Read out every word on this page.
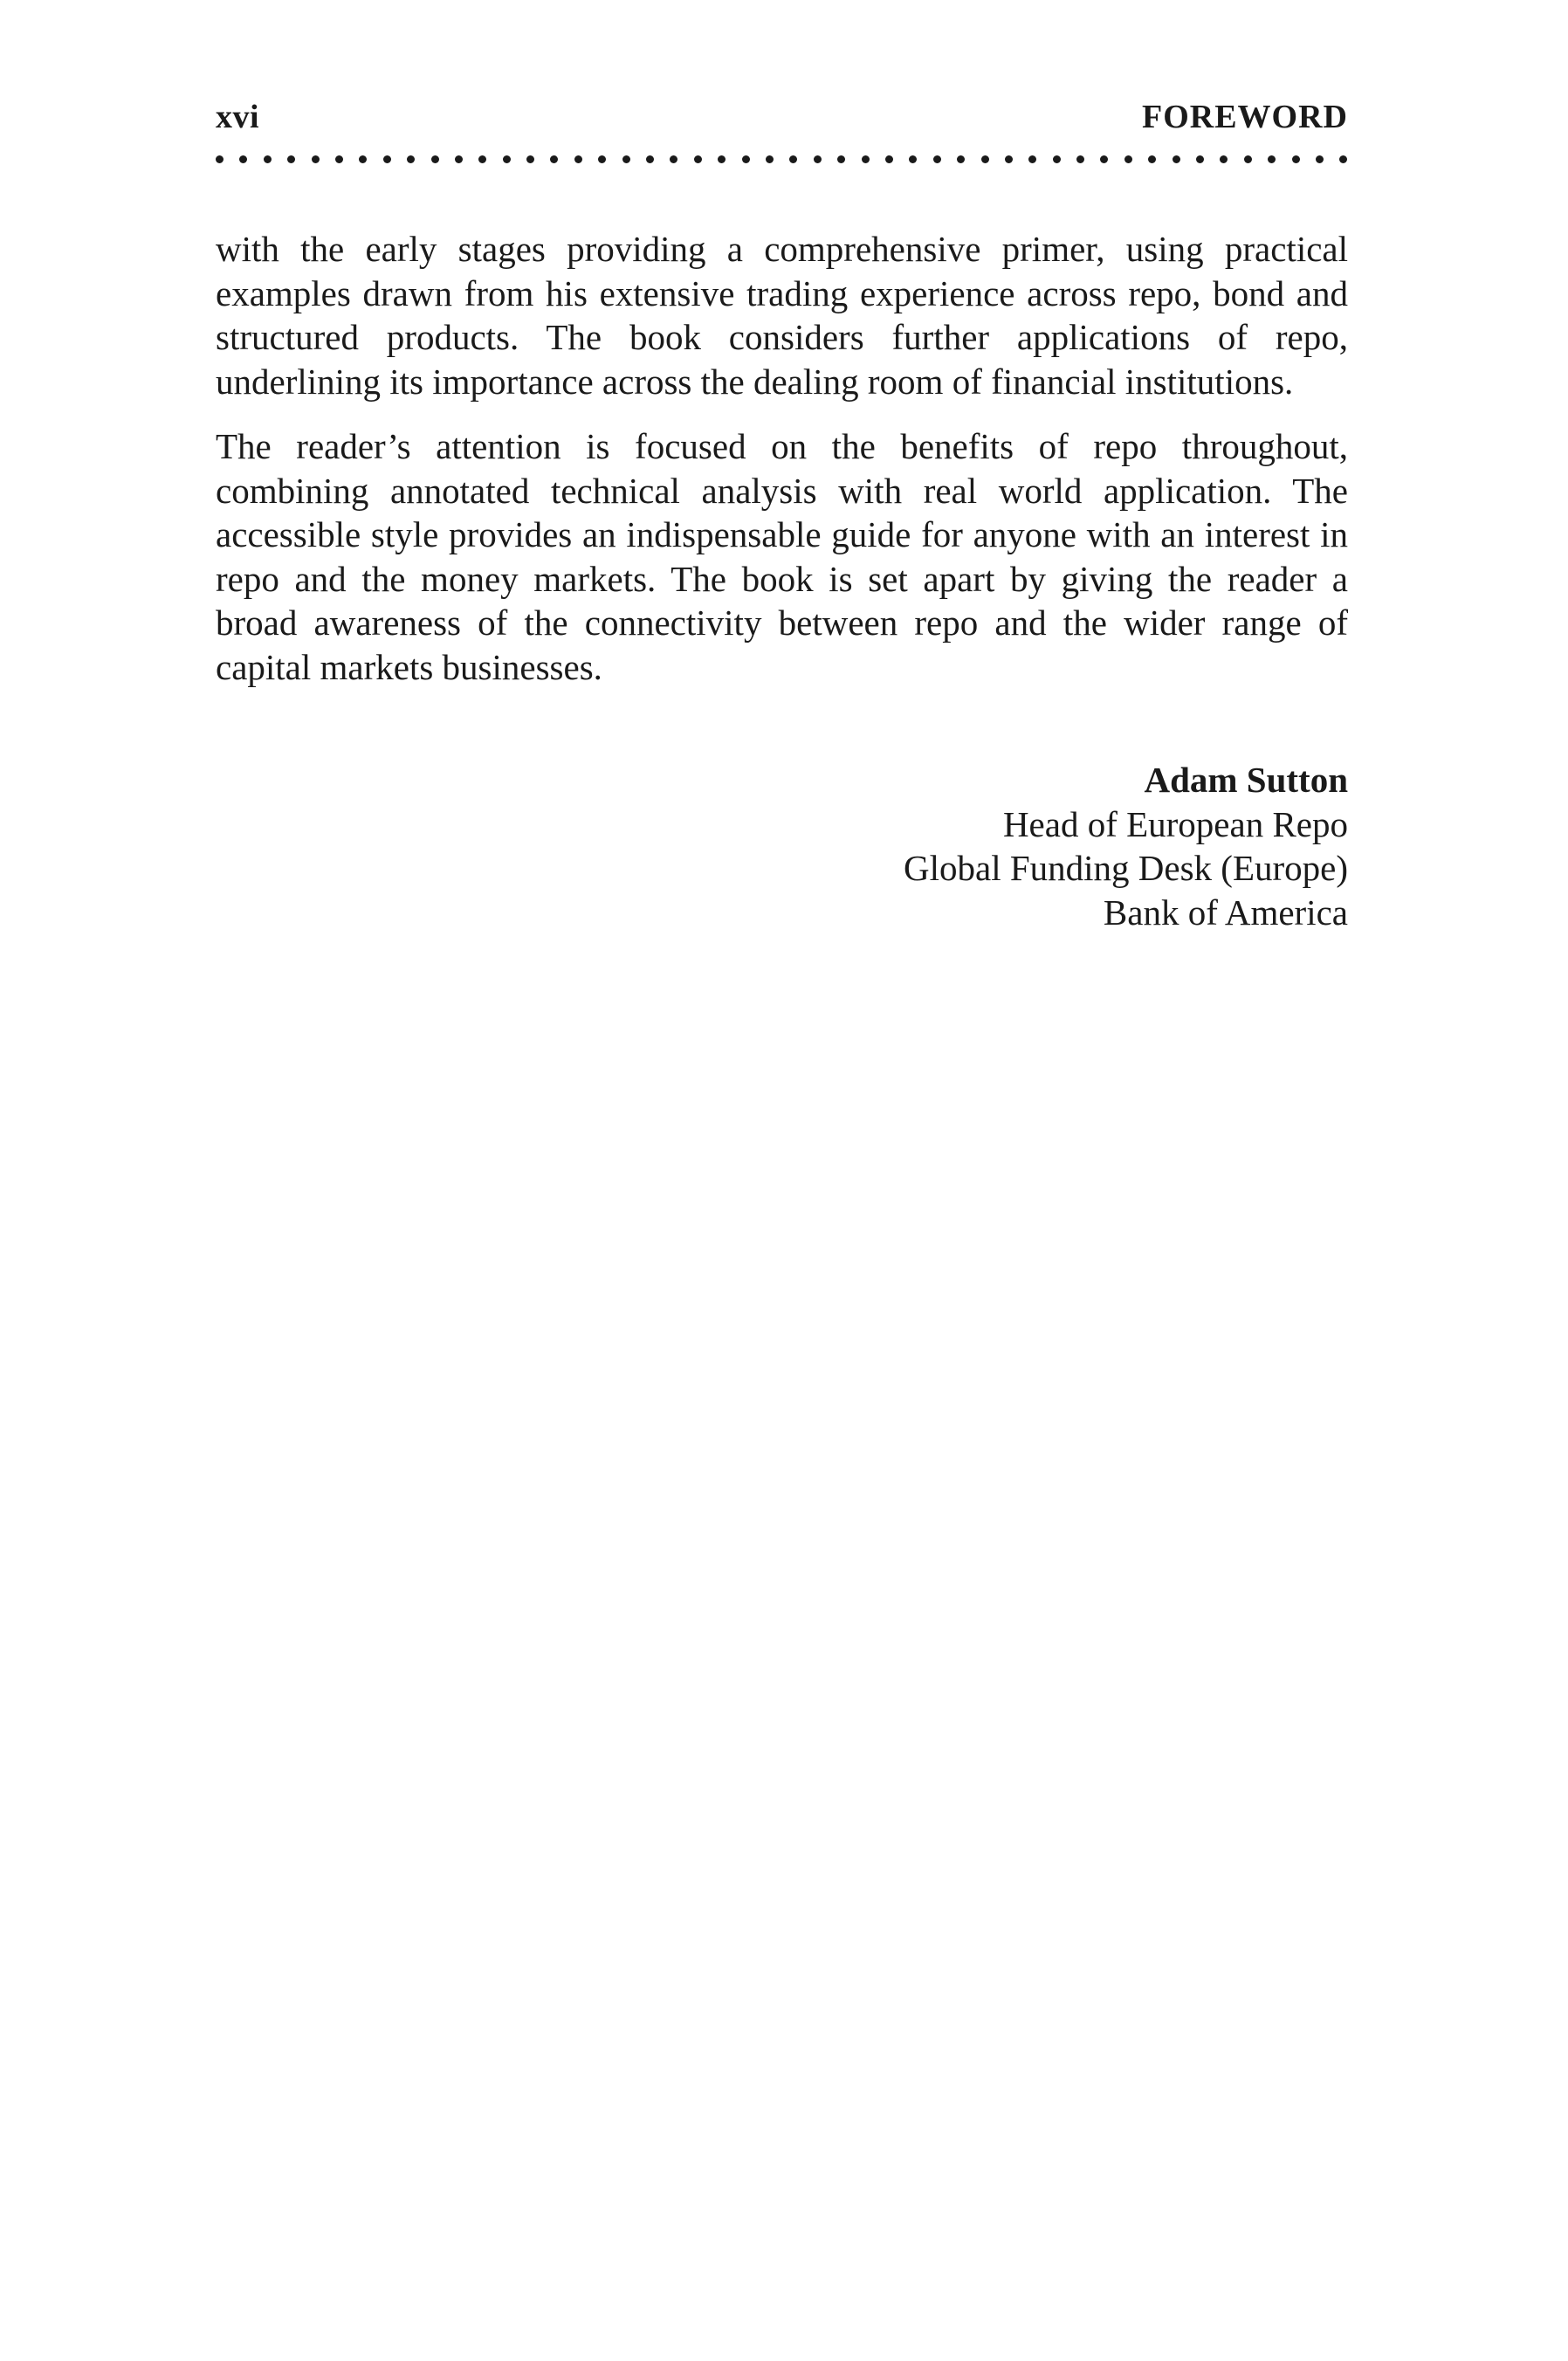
xvi	FOREWORD

with the early stages providing a comprehensive primer, using practical examples drawn from his extensive trading experience across repo, bond and structured products. The book considers further applications of repo, underlining its importance across the dealing room of financial institutions.

The reader’s attention is focused on the benefits of repo throughout, combining annotated technical analysis with real world application. The accessible style provides an indispensable guide for anyone with an interest in repo and the money markets. The book is set apart by giving the reader a broad awareness of the connectivity between repo and the wider range of capital markets businesses.

Adam Sutton
Head of European Repo
Global Funding Desk (Europe)
Bank of America
